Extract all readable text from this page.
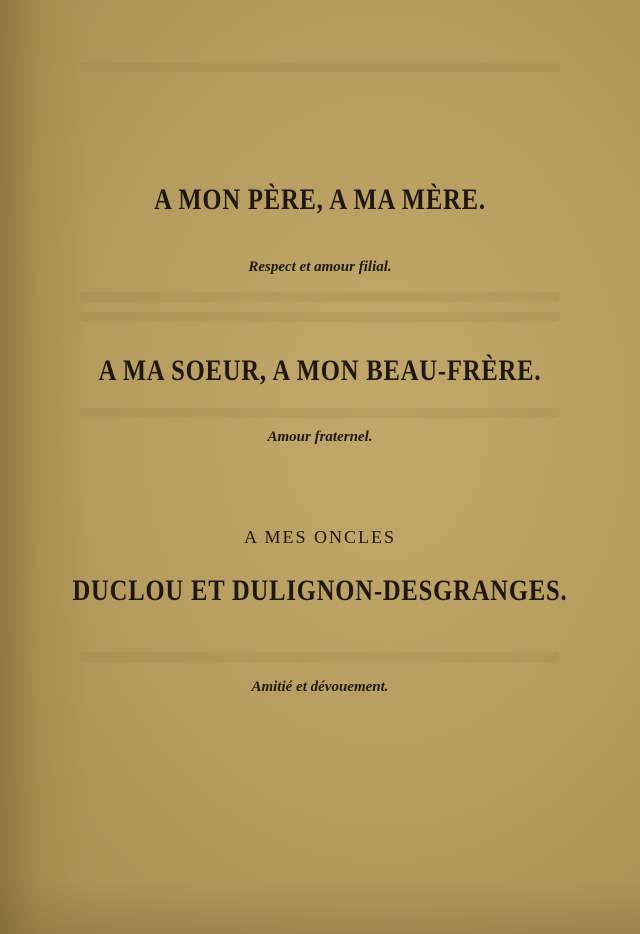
A MON PÈRE, A MA MÈRE.
Respect et amour filial.
A MA SOEUR, A MON BEAU-FRÈRE.
Amour fraternel.
A MES ONCLES
DUCLOU ET DULIGNON-DESGRANGES.
Amitié et dévouement.
